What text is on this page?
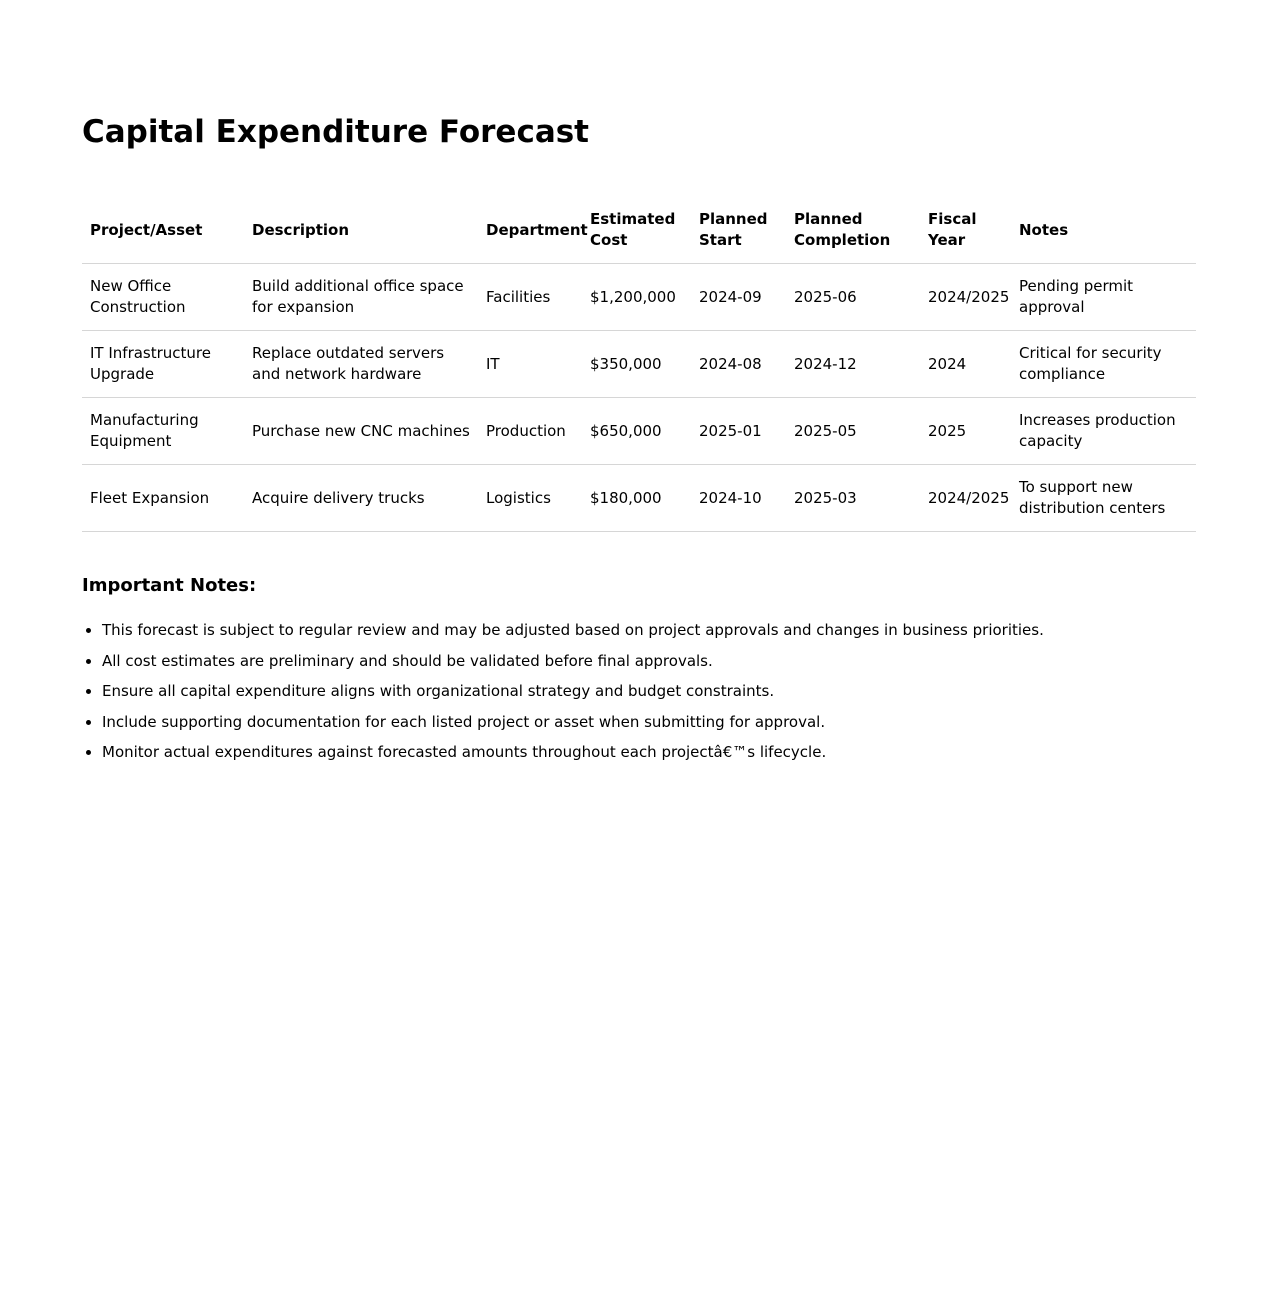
Capital Expenditure Forecast
Project/Asset	Description	Department	Estimated Cost	Planned Start	Planned Completion	Fiscal Year	Notes
New Office Construction	Build additional office space for expansion	Facilities	$1,200,000	2024-09	2025-06	2024/2025	Pending permit approval
IT Infrastructure Upgrade	Replace outdated servers and network hardware	IT	$350,000	2024-08	2024-12	2024	Critical for security compliance
Manufacturing Equipment	Purchase new CNC machines	Production	$650,000	2025-01	2025-05	2025	Increases production capacity
Fleet Expansion	Acquire delivery trucks	Logistics	$180,000	2024-10	2025-03	2024/2025	To support new distribution centers
Important Notes:
• This forecast is subject to regular review and may be adjusted based on project approvals and changes in business priorities.
• All cost estimates are preliminary and should be validated before final approvals.
• Ensure all capital expenditure aligns with organizational strategy and budget constraints.
• Include supporting documentation for each listed project or asset when submitting for approval.
• Monitor actual expenditures against forecasted amounts throughout each projectâ€™s lifecycle.
